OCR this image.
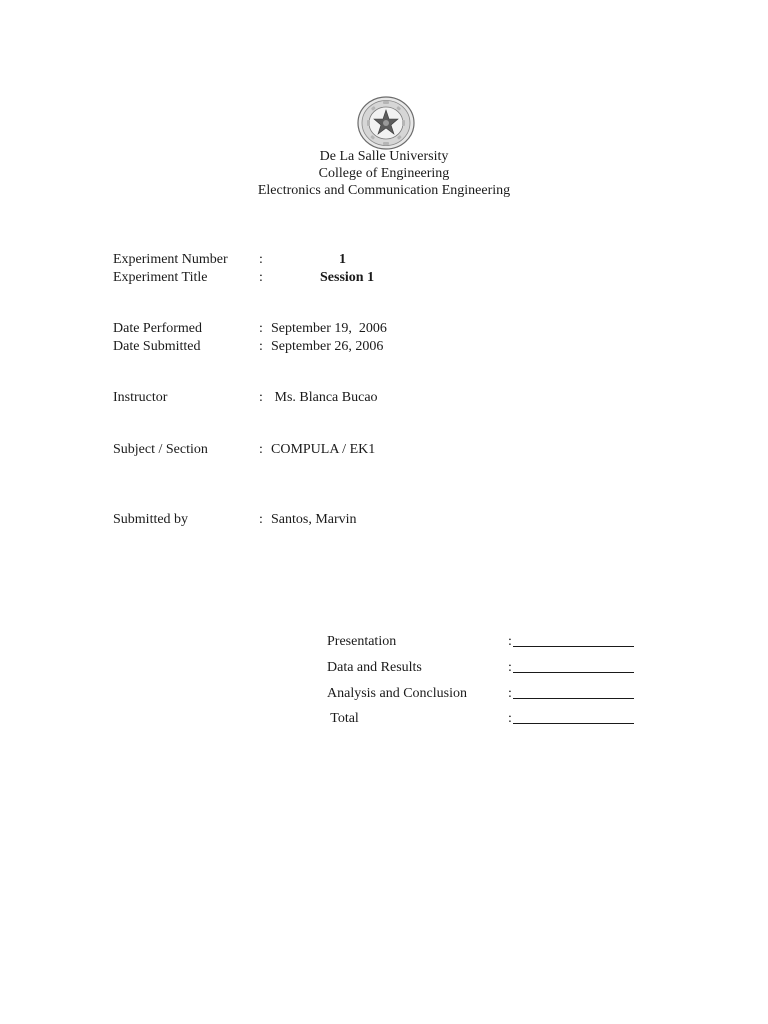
De La Salle University
College of Engineering
Electronics and Communication Engineering
Experiment Number :	1
Experiment Title	:	Session 1
Date Performed	: September 19,  2006
Date Submitted	: September 26, 2006
Instructor	: Ms. Blanca Bucao
Subject / Section	: COMPULA / EK1
Submitted by	: Santos, Marvin
Presentation	:
Data and Results	:
Analysis and Conclusion	:
Total	:
